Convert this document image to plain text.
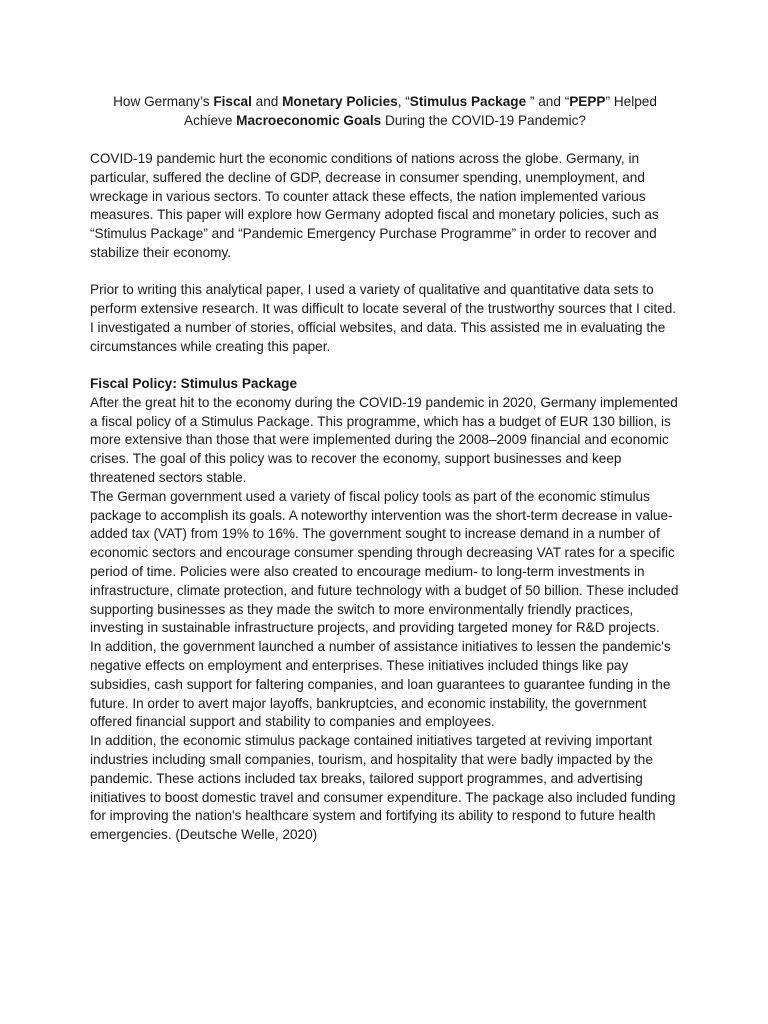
How Germany’s Fiscal and Monetary Policies, “Stimulus Package ” and “PEPP” Helped
Achieve Macroeconomic Goals During the COVID-19 Pandemic?

COVID-19 pandemic hurt the economic conditions of nations across the globe. Germany, in particular, suffered the decline of GDP, decrease in consumer spending, unemployment, and wreckage in various sectors. To counter attack these effects, the nation implemented various measures. This paper will explore how Germany adopted fiscal and monetary policies, such as “Stimulus Package” and “Pandemic Emergency Purchase Programme” in order to recover and stabilize their economy.

Prior to writing this analytical paper, I used a variety of qualitative and quantitative data sets to perform extensive research. It was difficult to locate several of the trustworthy sources that I cited. I investigated a number of stories, official websites, and data. This assisted me in evaluating the circumstances while creating this paper.

Fiscal Policy: Stimulus Package

After the great hit to the economy during the COVID-19 pandemic in 2020, Germany implemented a fiscal policy of a Stimulus Package. This programme, which has a budget of EUR 130 billion, is more extensive than those that were implemented during the 2008–2009 financial and economic crises. The goal of this policy was to recover the economy, support businesses and keep threatened sectors stable.

The German government used a variety of fiscal policy tools as part of the economic stimulus package to accomplish its goals. A noteworthy intervention was the short-term decrease in value-added tax (VAT) from 19% to 16%. The government sought to increase demand in a number of economic sectors and encourage consumer spending through decreasing VAT rates for a specific period of time. Policies were also created to encourage medium- to long-term investments in infrastructure, climate protection, and future technology with a budget of 50 billion. These included supporting businesses as they made the switch to more environmentally friendly practices, investing in sustainable infrastructure projects, and providing targeted money for R&D projects.

In addition, the government launched a number of assistance initiatives to lessen the pandemic's negative effects on employment and enterprises. These initiatives included things like pay subsidies, cash support for faltering companies, and loan guarantees to guarantee funding in the future. In order to avert major layoffs, bankruptcies, and economic instability, the government offered financial support and stability to companies and employees.

In addition, the economic stimulus package contained initiatives targeted at reviving important industries including small companies, tourism, and hospitality that were badly impacted by the pandemic. These actions included tax breaks, tailored support programmes, and advertising initiatives to boost domestic travel and consumer expenditure. The package also included funding for improving the nation's healthcare system and fortifying its ability to respond to future health emergencies. (Deutsche Welle, 2020)
